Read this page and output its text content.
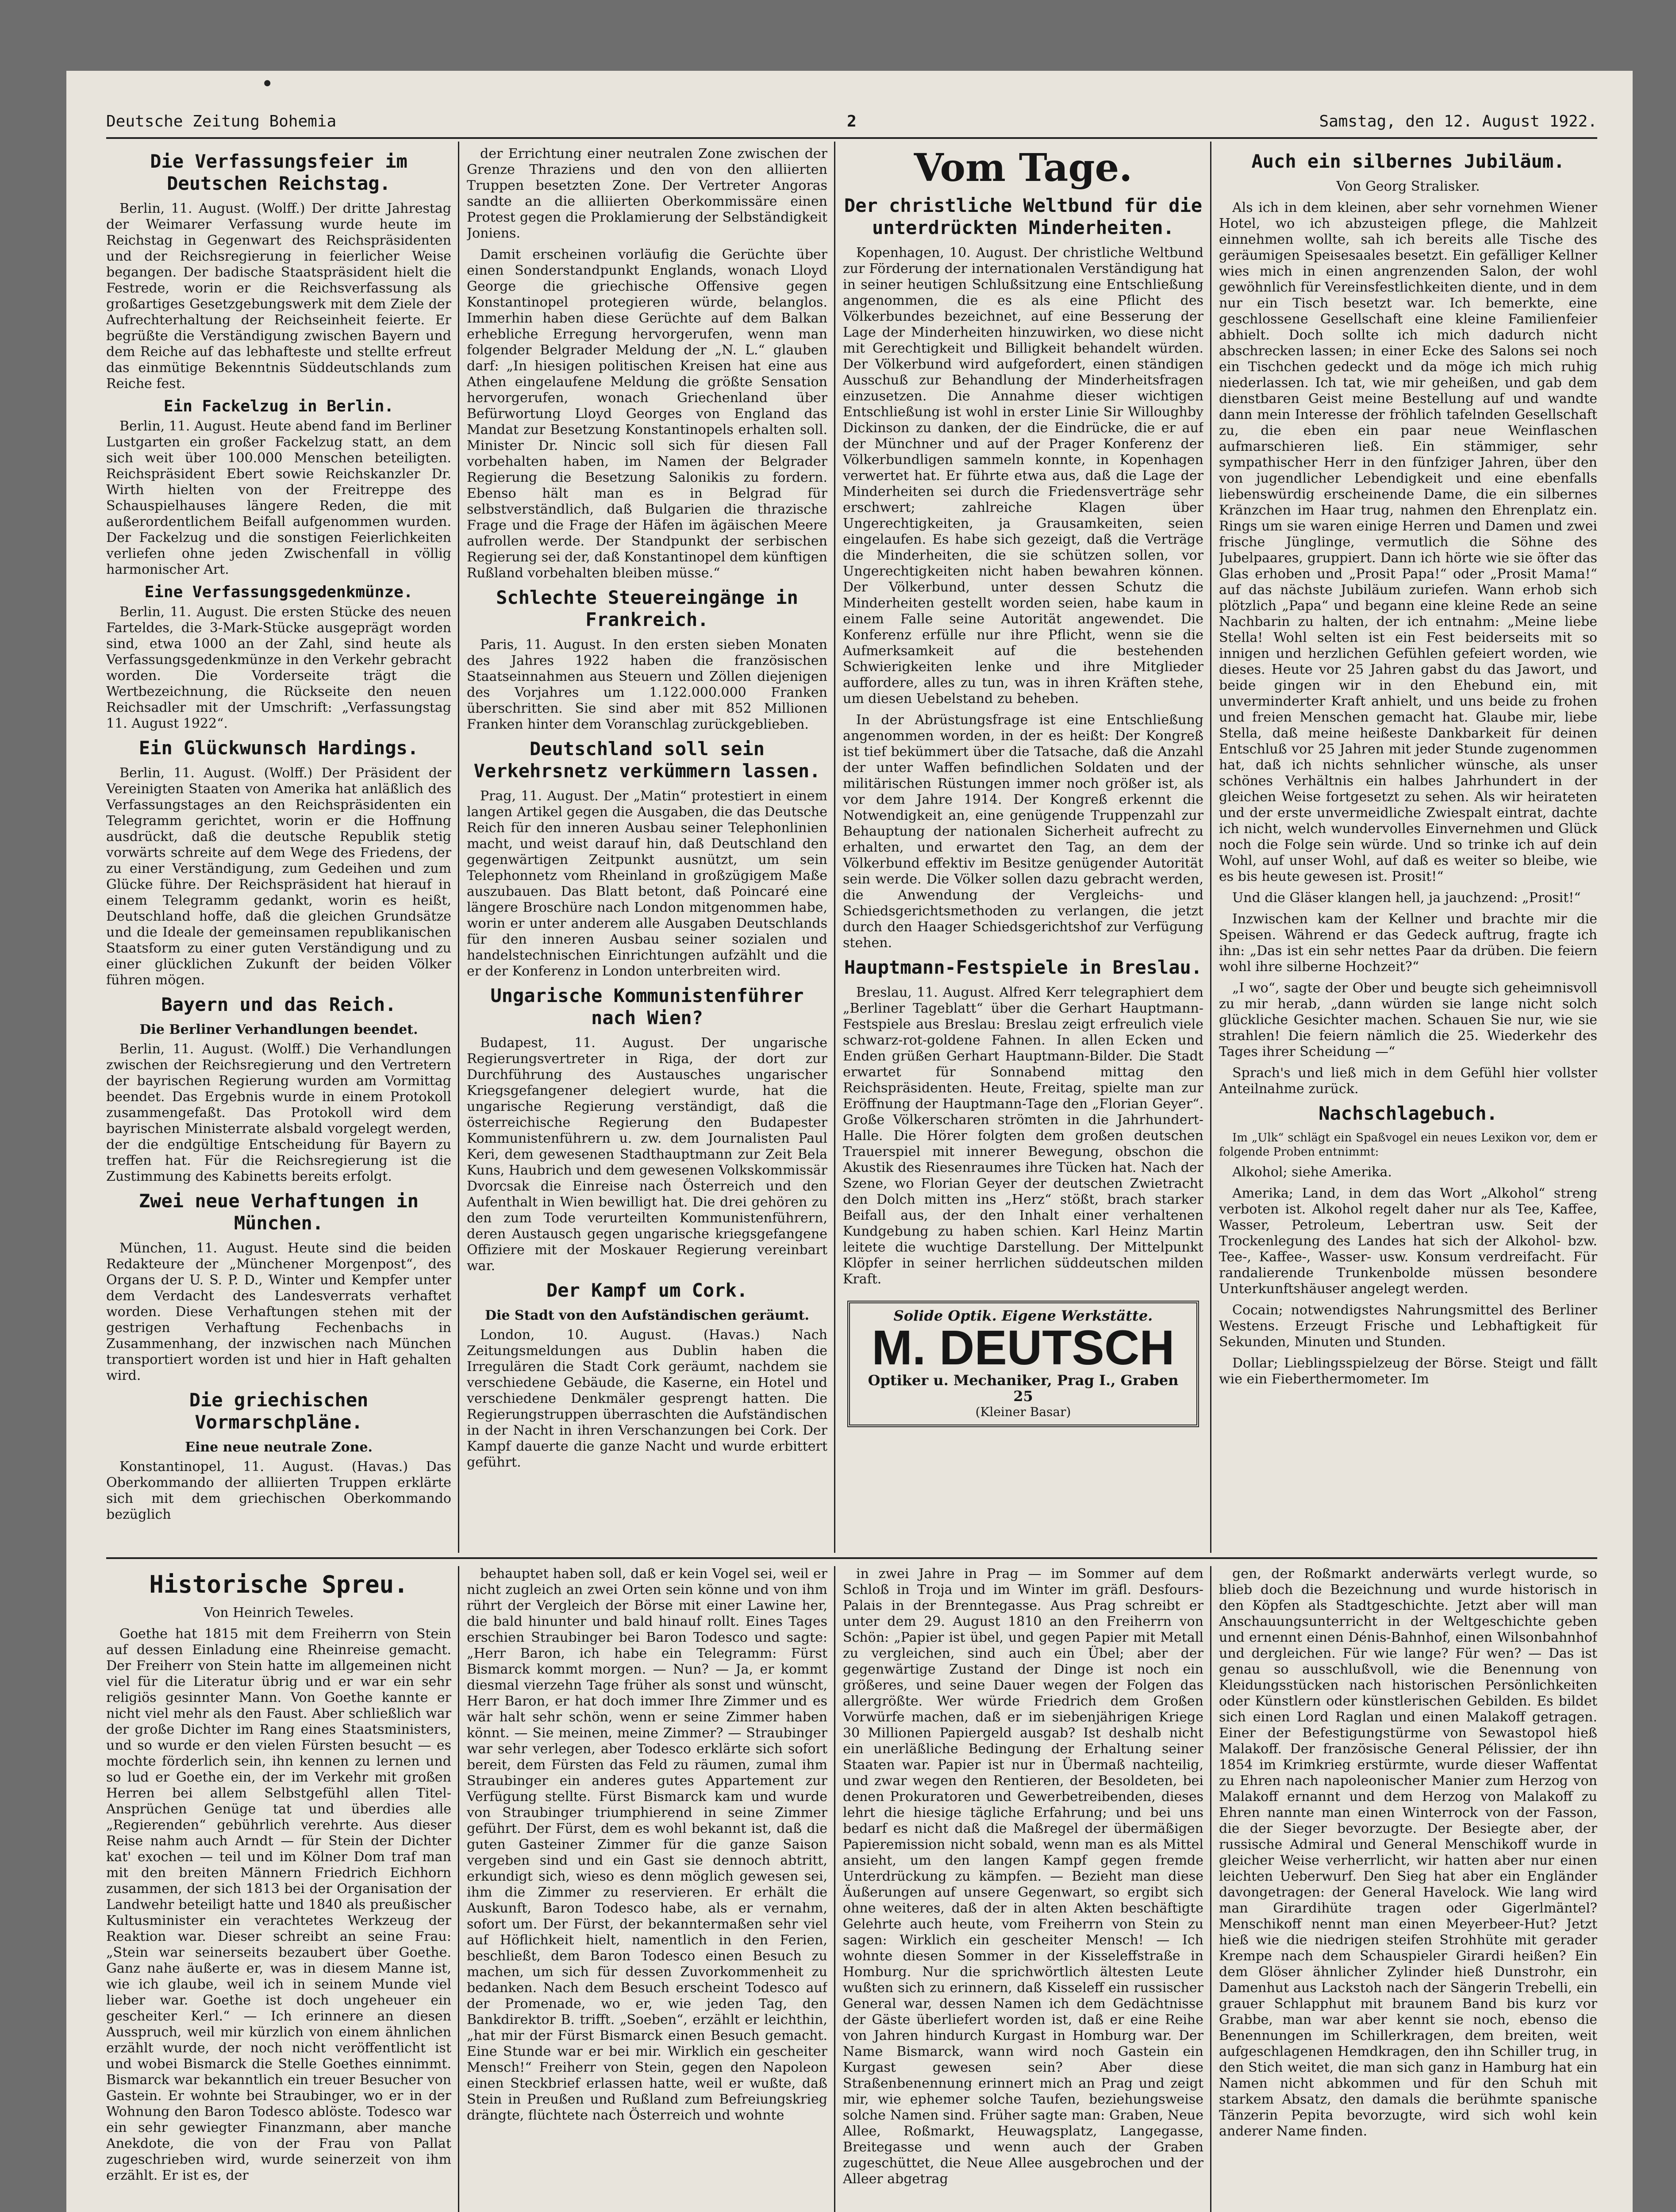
•
Deutsche Zeitung Bohemia	2	Samstag, den 12. August 1922.
Die Verfassungsfeier im Deutschen Reichstag.

Berlin, 11. August. (Wolff.) Der dritte Jahrestag der Weimarer Verfassung wurde heute im Reichstag in Gegenwart des Reichspräsidenten und der Reichsregierung in feierlicher Weise begangen. Der badische Staatspräsident hielt die Festrede, worin er die Reichsverfassung als großartiges Gesetzgebungswerk mit dem Ziele der Aufrechterhaltung der Reichseinheit feierte. Er begrüßte die Verständigung zwischen Bayern und dem Reiche auf das lebhafteste und stellte erfreut das einmütige Bekenntnis Süddeutschlands zum Reiche fest.

Ein Fackelzug in Berlin.

Berlin, 11. August. Heute abend fand im Berliner Lustgarten ein großer Fackelzug statt, an dem sich weit über 100.000 Menschen beteiligten. Reichspräsident Ebert sowie Reichskanzler Dr. Wirth hielten von der Freitreppe des Schauspielhauses längere Reden, die mit außerordentlichem Beifall aufgenommen wurden. Der Fackelzug und die sonstigen Feierlichkeiten verliefen ohne jeden Zwischenfall in völlig harmonischer Art.

Eine Verfassungsgedenkmünze.

Berlin, 11. August. Die ersten Stücke des neuen Farteldes, die 3-Mark-Stücke ausgeprägt worden sind, etwa 1000 an der Zahl, sind heute als Verfassungsgedenkmünze in den Verkehr gebracht worden. Die Vorderseite trägt die Wertbezeichnung, die Rückseite den neuen Reichsadler mit der Umschrift: „Verfassungstag 11. August 1922“.

Ein Glückwunsch Hardings.

Berlin, 11. August. (Wolff.) Der Präsident der Vereinigten Staaten von Amerika hat anläßlich des Verfassungstages an den Reichspräsidenten ein Telegramm gerichtet, worin er die Hoffnung ausdrückt, daß die deutsche Republik stetig vorwärts schreite auf dem Wege des Friedens, der zu einer Verständigung, zum Gedeihen und zum Glücke führe. Der Reichspräsident hat hierauf in einem Telegramm gedankt, worin es heißt, Deutschland hoffe, daß die gleichen Grundsätze und die Ideale der gemeinsamen republikanischen Staatsform zu einer guten Verständigung und zu einer glücklichen Zukunft der beiden Völker führen mögen.

Bayern und das Reich.
Die Berliner Verhandlungen beendet.

Berlin, 11. August. (Wolff.) Die Verhandlungen zwischen der Reichsregierung und den Vertretern der bayrischen Regierung wurden am Vormittag beendet. Das Ergebnis wurde in einem Protokoll zusammengefaßt. Das Protokoll wird dem bayrischen Ministerrate alsbald vorgelegt werden, der die endgültige Entscheidung für Bayern zu treffen hat. Für die Reichsregierung ist die Zustimmung des Kabinetts bereits erfolgt.

Zwei neue Verhaftungen in München.

München, 11. August. Heute sind die beiden Redakteure der „Münchener Morgenpost“, des Organs der U. S. P. D., Winter und Kempfer unter dem Verdacht des Landesverrats verhaftet worden. Diese Verhaftungen stehen mit der gestrigen Verhaftung Fechenbachs in Zusammenhang, der inzwischen nach München transportiert worden ist und hier in Haft gehalten wird.

Die griechischen Vormarschpläne.
Eine neue neutrale Zone.

Konstantinopel, 11. August. (Havas.) Das Oberkommando der alliierten Truppen erklärte sich mit dem griechischen Oberkommando bezüglich

der Errichtung einer neutralen Zone zwischen der Grenze Thraziens und den von den alliierten Truppen besetzten Zone. Der Vertreter Angoras sandte an die alliierten Oberkommissäre einen Protest gegen die Proklamierung der Selbständigkeit Joniens.

Damit erscheinen vorläufig die Gerüchte über einen Sonderstandpunkt Englands, wonach Lloyd George die griechische Offensive gegen Konstantinopel protegieren würde, belanglos. Immerhin haben diese Gerüchte auf dem Balkan erhebliche Erregung hervorgerufen, wenn man folgender Belgrader Meldung der „N. L.“ glauben darf: „In hiesigen politischen Kreisen hat eine aus Athen eingelaufene Meldung die größte Sensation hervorgerufen, wonach Griechenland über Befürwortung Lloyd Georges von England das Mandat zur Besetzung Konstantinopels erhalten soll. Minister Dr. Nincic soll sich für diesen Fall vorbehalten haben, im Namen der Belgrader Regierung die Besetzung Salonikis zu fordern. Ebenso hält man es in Belgrad für selbstverständlich, daß Bulgarien die thrazische Frage und die Frage der Häfen im ägäischen Meere aufrollen werde. Der Standpunkt der serbischen Regierung sei der, daß Konstantinopel dem künftigen Rußland vorbehalten bleiben müsse.“

Schlechte Steuereingänge in Frankreich.

Paris, 11. August. In den ersten sieben Monaten des Jahres 1922 haben die französischen Staatseinnahmen aus Steuern und Zöllen diejenigen des Vorjahres um 1.122.000.000 Franken überschritten. Sie sind aber mit 852 Millionen Franken hinter dem Voranschlag zurückgeblieben.

Deutschland soll sein Verkehrsnetz verkümmern lassen.

Prag, 11. August. Der „Matin“ protestiert in einem langen Artikel gegen die Ausgaben, die das Deutsche Reich für den inneren Ausbau seiner Telephonlinien macht, und weist darauf hin, daß Deutschland den gegenwärtigen Zeitpunkt ausnützt, um sein Telephonnetz vom Rheinland in großzügigem Maße auszubauen. Das Blatt betont, daß Poincaré eine längere Broschüre nach London mitgenommen habe, worin er unter anderem alle Ausgaben Deutschlands für den inneren Ausbau seiner sozialen und handelstechnischen Einrichtungen aufzählt und die er der Konferenz in London unterbreiten wird.

Ungarische Kommunistenführer nach Wien?

Budapest, 11. August. Der ungarische Regierungsvertreter in Riga, der dort zur Durchführung des Austausches ungarischer Kriegsgefangener delegiert wurde, hat die ungarische Regierung verständigt, daß die österreichische Regierung den Budapester Kommunistenführern u. zw. dem Journalisten Paul Keri, dem gewesenen Stadthauptmann zur Zeit Bela Kuns, Haubrich und dem gewesenen Volkskommissär Dvorcsak die Einreise nach Österreich und den Aufenthalt in Wien bewilligt hat. Die drei gehören zu den zum Tode verurteilten Kommunistenführern, deren Austausch gegen ungarische kriegsgefangene Offiziere mit der Moskauer Regierung vereinbart war.

Der Kampf um Cork.
Die Stadt von den Aufständischen geräumt.

London, 10. August. (Havas.) Nach Zeitungsmeldungen aus Dublin haben die Irregulären die Stadt Cork geräumt, nachdem sie verschiedene Gebäude, die Kaserne, ein Hotel und verschiedene Denkmäler gesprengt hatten. Die Regierungstruppen überraschten die Aufständischen in der Nacht in ihren Verschanzungen bei Cork. Der Kampf dauerte die ganze Nacht und wurde erbittert geführt.

Vom Tage.
Der christliche Weltbund für die unterdrückten Minderheiten.

Kopenhagen, 10. August. Der christliche Weltbund zur Förderung der internationalen Verständigung hat in seiner heutigen Schlußsitzung eine Entschließung angenommen, die es als eine Pflicht des Völkerbundes bezeichnet, auf eine Besserung der Lage der Minderheiten hinzuwirken, wo diese nicht mit Gerechtigkeit und Billigkeit behandelt würden. Der Völkerbund wird aufgefordert, einen ständigen Ausschuß zur Behandlung der Minderheitsfragen einzusetzen. Die Annahme dieser wichtigen Entschließung ist wohl in erster Linie Sir Willoughby Dickinson zu danken, der die Eindrücke, die er auf der Münchner und auf der Prager Konferenz der Völkerbundligen sammeln konnte, in Kopenhagen verwertet hat. Er führte etwa aus, daß die Lage der Minderheiten sei durch die Friedensverträge sehr erschwert; zahlreiche Klagen über Ungerechtigkeiten, ja Grausamkeiten, seien eingelaufen. Es habe sich gezeigt, daß die Verträge die Minderheiten, die sie schützen sollen, vor Ungerechtigkeiten nicht haben bewahren können. Der Völkerbund, unter dessen Schutz die Minderheiten gestellt worden seien, habe kaum in einem Falle seine Autorität angewendet. Die Konferenz erfülle nur ihre Pflicht, wenn sie die Aufmerksamkeit auf die bestehenden Schwierigkeiten lenke und ihre Mitglieder auffordere, alles zu tun, was in ihren Kräften stehe, um diesen Uebelstand zu beheben.

In der Abrüstungsfrage ist eine Entschließung angenommen worden, in der es heißt: Der Kongreß ist tief bekümmert über die Tatsache, daß die Anzahl der unter Waffen befindlichen Soldaten und der militärischen Rüstungen immer noch größer ist, als vor dem Jahre 1914. Der Kongreß erkennt die Notwendigkeit an, eine genügende Truppenzahl zur Behauptung der nationalen Sicherheit aufrecht zu erhalten, und erwartet den Tag, an dem der Völkerbund effektiv im Besitze genügender Autorität sein werde. Die Völker sollen dazu gebracht werden, die Anwendung der Vergleichs- und Schiedsgerichtsmethoden zu verlangen, die jetzt durch den Haager Schiedsgerichtshof zur Verfügung stehen.

Hauptmann-Festspiele in Breslau.

Breslau, 11. August. Alfred Kerr telegraphiert dem „Berliner Tageblatt“ über die Gerhart Hauptmann-Festspiele aus Breslau: Breslau zeigt erfreulich viele schwarz-rot-goldene Fahnen. In allen Ecken und Enden grüßen Gerhart Hauptmann-Bilder. Die Stadt erwartet für Sonnabend mittag den Reichspräsidenten. Heute, Freitag, spielte man zur Eröffnung der Hauptmann-Tage den „Florian Geyer“. Große Völkerscharen strömten in die Jahrhundert-Halle. Die Hörer folgten dem großen deutschen Trauerspiel mit innerer Bewegung, obschon die Akustik des Riesenraumes ihre Tücken hat. Nach der Szene, wo Florian Geyer der deutschen Zwietracht den Dolch mitten ins „Herz“ stößt, brach starker Beifall aus, der den Inhalt einer verhaltenen Kundgebung zu haben schien. Karl Heinz Martin leitete die wuchtige Darstellung. Der Mittelpunkt Klöpfer in seiner herrlichen süddeutschen milden Kraft.

Solide Optik. Eigene Werkstätte.
M. DEUTSCH
Optiker u. Mechaniker, Prag I., Graben 25
(Kleiner Basar)
Auch ein silbernes Jubiläum.
Von Georg Stralisker.

Als ich in dem kleinen, aber sehr vornehmen Wiener Hotel, wo ich abzusteigen pflege, die Mahlzeit einnehmen wollte, sah ich bereits alle Tische des geräumigen Speisesaales besetzt. Ein gefälliger Kellner wies mich in einen angrenzenden Salon, der wohl gewöhnlich für Vereinsfestlichkeiten diente, und in dem nur ein Tisch besetzt war. Ich bemerkte, eine geschlossene Gesellschaft eine kleine Familienfeier abhielt. Doch sollte ich mich dadurch nicht abschrecken lassen; in einer Ecke des Salons sei noch ein Tischchen gedeckt und da möge ich mich ruhig niederlassen. Ich tat, wie mir geheißen, und gab dem dienstbaren Geist meine Bestellung auf und wandte dann mein Interesse der fröhlich tafelnden Gesellschaft zu, die eben ein paar neue Weinflaschen aufmarschieren ließ. Ein stämmiger, sehr sympathischer Herr in den fünfziger Jahren, über den von jugendlicher Lebendigkeit und eine ebenfalls liebenswürdig erscheinende Dame, die ein silbernes Kränzchen im Haar trug, nahmen den Ehrenplatz ein. Rings um sie waren einige Herren und Damen und zwei frische Jünglinge, vermutlich die Söhne des Jubelpaares, gruppiert. Dann ich hörte wie sie öfter das Glas erhoben und „Prosit Papa!“ oder „Prosit Mama!“ auf das nächste Jubiläum zuriefen. Wann erhob sich plötzlich „Papa“ und begann eine kleine Rede an seine Nachbarin zu halten, der ich entnahm: „Meine liebe Stella! Wohl selten ist ein Fest beiderseits mit so innigen und herzlichen Gefühlen gefeiert worden, wie dieses. Heute vor 25 Jahren gabst du das Jawort, und beide gingen wir in den Ehebund ein, mit unverminderter Kraft anhielt, und uns beide zu frohen und freien Menschen gemacht hat. Glaube mir, liebe Stella, daß meine heißeste Dankbarkeit für deinen Entschluß vor 25 Jahren mit jeder Stunde zugenommen hat, daß ich nichts sehnlicher wünsche, als unser schönes Verhältnis ein halbes Jahrhundert in der gleichen Weise fortgesetzt zu sehen. Als wir heirateten und der erste unvermeidliche Zwiespalt eintrat, dachte ich nicht, welch wundervolles Einvernehmen und Glück noch die Folge sein würde. Und so trinke ich auf dein Wohl, auf unser Wohl, auf daß es weiter so bleibe, wie es bis heute gewesen ist. Prosit!“

Und die Gläser klangen hell, ja jauchzend: „Prosit!“

Inzwischen kam der Kellner und brachte mir die Speisen. Während er das Gedeck auftrug, fragte ich ihn: „Das ist ein sehr nettes Paar da drüben. Die feiern wohl ihre silberne Hochzeit?“

„I wo“, sagte der Ober und beugte sich geheimnisvoll zu mir herab, „dann würden sie lange nicht solch glückliche Gesichter machen. Schauen Sie nur, wie sie strahlen! Die feiern nämlich die 25. Wiederkehr des Tages ihrer Scheidung —“

Sprach's und ließ mich in dem Gefühl hier vollster Anteilnahme zurück.

Nachschlagebuch.

Im „Ulk“ schlägt ein Spaßvogel ein neues Lexikon vor, dem er folgende Proben entnimmt:

Alkohol; siehe Amerika.

Amerika; Land, in dem das Wort „Alkohol“ streng verboten ist. Alkohol regelt daher nur als Tee, Kaffee, Wasser, Petroleum, Lebertran usw. Seit der Trockenlegung des Landes hat sich der Alkohol- bzw. Tee-, Kaffee-, Wasser- usw. Konsum verdreifacht. Für randalierende Trunkenbolde müssen besondere Unterkunftshäuser angelegt werden.

Cocain; notwendigstes Nahrungsmittel des Berliner Westens. Erzeugt Frische und Lebhaftigkeit für Sekunden, Minuten und Stunden.

Dollar; Lieblingsspielzeug der Börse. Steigt und fällt wie ein Fieberthermometer. Im

Historische Spreu.
Von Heinrich Teweles.

Goethe hat 1815 mit dem Freiherrn von Stein auf dessen Einladung eine Rheinreise gemacht. Der Freiherr von Stein hatte im allgemeinen nicht viel für die Literatur übrig und er war ein sehr religiös gesinnter Mann. Von Goethe kannte er nicht viel mehr als den Faust. Aber schließlich war der große Dichter im Rang eines Staatsministers, und so wurde er den vielen Fürsten besucht — es mochte förderlich sein, ihn kennen zu lernen und so lud er Goethe ein, der im Verkehr mit großen Herren bei allem Selbstgefühl allen Titel-Ansprüchen Genüge tat und überdies alle „Regierenden“ gebührlich verehrte. Aus dieser Reise nahm auch Arndt — für Stein der Dichter kat' exochen — teil und im Kölner Dom traf man mit den breiten Männern Friedrich Eichhorn zusammen, der sich 1813 bei der Organisation der Landwehr beteiligt hatte und 1840 als preußischer Kultusminister ein verachtetes Werkzeug der Reaktion war. Dieser schreibt an seine Frau: „Stein war seinerseits bezaubert über Goethe. Ganz nahe äußerte er, was in diesem Manne ist, wie ich glaube, weil ich in seinem Munde viel lieber war. Goethe ist doch ungeheuer ein gescheiter Kerl.“ — Ich erinnere an diesen Ausspruch, weil mir kürzlich von einem ähnlichen erzählt wurde, der noch nicht veröffentlicht ist und wobei Bismarck die Stelle Goethes einnimmt. Bismarck war bekanntlich ein treuer Besucher von Gastein. Er wohnte bei Straubinger, wo er in der Wohnung den Baron Todesco ablöste. Todesco war ein sehr gewiegter Finanzmann, aber manche Anekdote, die von der Frau von Pallat zugeschrieben wird, wurde seinerzeit von ihm erzählt. Er ist es, der

behauptet haben soll, daß er kein Vogel sei, weil er nicht zugleich an zwei Orten sein könne und von ihm rührt der Vergleich der Börse mit einer Lawine her, die bald hinunter und bald hinauf rollt. Eines Tages erschien Straubinger bei Baron Todesco und sagte: „Herr Baron, ich habe ein Telegramm: Fürst Bismarck kommt morgen. — Nun? — Ja, er kommt diesmal vierzehn Tage früher als sonst und wünscht, Herr Baron, er hat doch immer Ihre Zimmer und es wär halt sehr schön, wenn er seine Zimmer haben könnt. — Sie meinen, meine Zimmer? — Straubinger war sehr verlegen, aber Todesco erklärte sich sofort bereit, dem Fürsten das Feld zu räumen, zumal ihm Straubinger ein anderes gutes Appartement zur Verfügung stellte. Fürst Bismarck kam und wurde von Straubinger triumphierend in seine Zimmer geführt. Der Fürst, dem es wohl bekannt ist, daß die guten Gasteiner Zimmer für die ganze Saison vergeben sind und ein Gast sie dennoch abtritt, erkundigt sich, wieso es denn möglich gewesen sei, ihm die Zimmer zu reservieren. Er erhält die Auskunft, Baron Todesco habe, als er vernahm, sofort um. Der Fürst, der bekanntermaßen sehr viel auf Höflichkeit hielt, namentlich in den Ferien, beschließt, dem Baron Todesco einen Besuch zu machen, um sich für dessen Zuvorkommenheit zu bedanken. Nach dem Besuch erscheint Todesco auf der Promenade, wo er, wie jeden Tag, den Bankdirektor B. trifft. „Soeben“, erzählt er leichthin, „hat mir der Fürst Bismarck einen Besuch gemacht. Eine Stunde war er bei mir. Wirklich ein gescheiter Mensch!“ Freiherr von Stein, gegen den Napoleon einen Steckbrief erlassen hatte, weil er wußte, daß Stein in Preußen und Rußland zum Befreiungskrieg drängte, flüchtete nach Österreich und wohnte

in zwei Jahre in Prag — im Sommer auf dem Schloß in Troja und im Winter im gräfl. Desfours-Palais in der Brenntegasse. Aus Prag schreibt er unter dem 29. August 1810 an den Freiherrn von Schön: „Papier ist übel, und gegen Papier mit Metall zu vergleichen, sind auch ein Übel; aber der gegenwärtige Zustand der Dinge ist noch ein größeres, und seine Dauer wegen der Folgen das allergrößte. Wer würde Friedrich dem Großen Vorwürfe machen, daß er im siebenjährigen Kriege 30 Millionen Papiergeld ausgab? Ist deshalb nicht ein unerläßliche Bedingung der Erhaltung seiner Staaten war. Papier ist nur in Übermaß nachteilig, und zwar wegen den Rentieren, der Besoldeten, bei denen Prokuratoren und Gewerbetreibenden, dieses lehrt die hiesige tägliche Erfahrung; und bei uns bedarf es nicht daß die Maßregel der übermäßigen Papieremission nicht sobald, wenn man es als Mittel ansieht, um den langen Kampf gegen fremde Unterdrückung zu kämpfen. — Bezieht man diese Äußerungen auf unsere Gegenwart, so ergibt sich ohne weiteres, daß der in alten Akten beschäftigte Gelehrte auch heute, vom Freiherrn von Stein zu sagen: Wirklich ein gescheiter Mensch! — Ich wohnte diesen Sommer in der Kisseleffstraße in Homburg. Nur die sprichwörtlich ältesten Leute wußten sich zu erinnern, daß Kisseleff ein russischer General war, dessen Namen ich dem Gedächtnisse der Gäste überliefert worden ist, daß er eine Reihe von Jahren hindurch Kurgast in Homburg war. Der Name Bismarck, wann wird noch Gastein ein Kurgast gewesen sein? Aber diese Straßenbenennung erinnert mich an Prag und zeigt mir, wie ephemer solche Taufen, beziehungsweise solche Namen sind. Früher sagte man: Graben, Neue Allee, Roßmarkt, Heuwagsplatz, Langegasse, Breitegasse und wenn auch der Graben zugeschüttet, die Neue Allee ausgebrochen und der Alleer abgetrag

gen, der Roßmarkt anderwärts verlegt wurde, so blieb doch die Bezeichnung und wurde historisch in den Köpfen als Stadtgeschichte. Jetzt aber will man Anschauungsunterricht in der Weltgeschichte geben und ernennt einen Dénis-Bahnhof, einen Wilsonbahnhof und dergleichen. Für wie lange? Für wen? — Das ist genau so ausschlußvoll, wie die Benennung von Kleidungsstücken nach historischen Persönlichkeiten oder Künstlern oder künstlerischen Gebilden. Es bildet sich einen Lord Raglan und einen Malakoff getragen. Einer der Befestigungstürme von Sewastopol hieß Malakoff. Der französische General Pélissier, der ihn 1854 im Krimkrieg erstürmte, wurde dieser Waffentat zu Ehren nach napoleonischer Manier zum Herzog von Malakoff ernannt und dem Herzog von Malakoff zu Ehren nannte man einen Winterrock von der Fasson, die der Sieger bevorzugte. Der Besiegte aber, der russische Admiral und General Menschikoff wurde in gleicher Weise verherrlicht, wir hatten aber nur einen leichten Ueberwurf. Den Sieg hat aber ein Engländer davongetragen: der General Havelock. Wie lang wird man Girardihüte tragen oder Gigerlmäntel? Menschikoff nennt man einen Meyerbeer-Hut? Jetzt hieß wie die niedrigen steifen Strohhüte mit gerader Krempe nach dem Schauspieler Girardi heißen? Ein dem Glöser ähnlicher Zylinder hieß Dunstrohr, ein Damenhut aus Lackstoh nach der Sängerin Trebelli, ein grauer Schlapphut mit braunem Band bis kurz vor Grabbe, man war aber kennt sie noch, ebenso die Benennungen im Schillerkragen, dem breiten, weit aufgeschlagenen Hemdkragen, den ihn Schiller trug, in den Stich weitet, die man sich ganz in Hamburg hat ein Namen nicht abkommen und für den Schuh mit starkem Absatz, den damals die berühmte spanische Tänzerin Pepita bevorzugte, wird sich wohl kein anderer Name finden.
